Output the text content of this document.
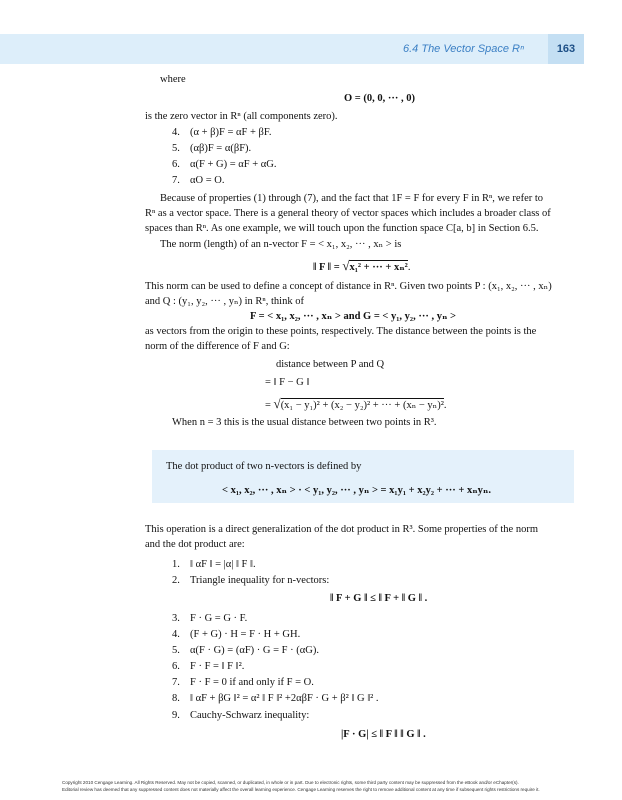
6.4 The Vector Space Rⁿ	163
where
O = (0, 0, ··· , 0)
is the zero vector in Rⁿ (all components zero).
4. (α + β)F = αF + βF.
5. (αβ)F = α(βF).
6. α(F + G) = αF + αG.
7. αO = O.
Because of properties (1) through (7), and the fact that 1F = F for every F in Rⁿ, we refer to
Rⁿ as a vector space. There is a general theory of vector spaces which includes a broader class of
spaces than Rⁿ. As one example, we will touch upon the function space C[a, b] in Section 6.5.
The norm (length) of an n-vector F = < x₁, x₂, ··· , xₙ > is
‖ F ‖ = √x₁² + ··· + xₙ².
This norm can be used to define a concept of distance in Rⁿ. Given two points P : (x₁, x₂, ··· , xₙ)
and Q : (y₁, y₂, ··· , yₙ) in Rⁿ, think of
F = < x₁, x₂, ··· , xₙ > and G = < y₁, y₂, ··· , yₙ >
as vectors from the origin to these points, respectively. The distance between the points is the
norm of the difference of F and G:
distance between P and Q
= ‖ F − G ‖
= √(x₁ − y₁)² + (x₂ − y₂)² + ··· + (xₙ − yₙ)².
When n = 3 this is the usual distance between two points in R³.
The dot product of two n-vectors is defined by
< x₁, x₂, ··· , xₙ > · < y₁, y₂, ··· , yₙ > = x₁y₁ + x₂y₂ + ··· + xₙyₙ.
This operation is a direct generalization of the dot product in R³. Some properties of the norm
and the dot product are:
1. ‖ αF ‖ = |α| ‖ F ‖.
2. Triangle inequality for n-vectors:
‖ F + G ‖ ≤ ‖ F + ‖ G ‖ .
3. F · G = G · F.
4. (F + G) · H = F · H + GH.
5. α(F · G) = (αF) · G = F · (αG).
6. F · F = ‖ F ‖².
7. F · F = 0 if and only if F = O.
8. ‖ αF + βG ‖² = α² ‖ F ‖² +2αβF · G + β² ‖ G ‖² .
9. Cauchy-Schwarz inequality:
|F · G| ≤ ‖ F ‖ ‖ G ‖ .
Copyright 2010 Cengage Learning. All Rights Reserved. May not be copied, scanned, or duplicated, in whole or in part. Due to electronic rights, some third party content may be suppressed from the eBook and/or eChapter(s).
Editorial review has deemed that any suppressed content does not materially affect the overall learning experience. Cengage Learning reserves the right to remove additional content at any time if subsequent rights restrictions require it.
